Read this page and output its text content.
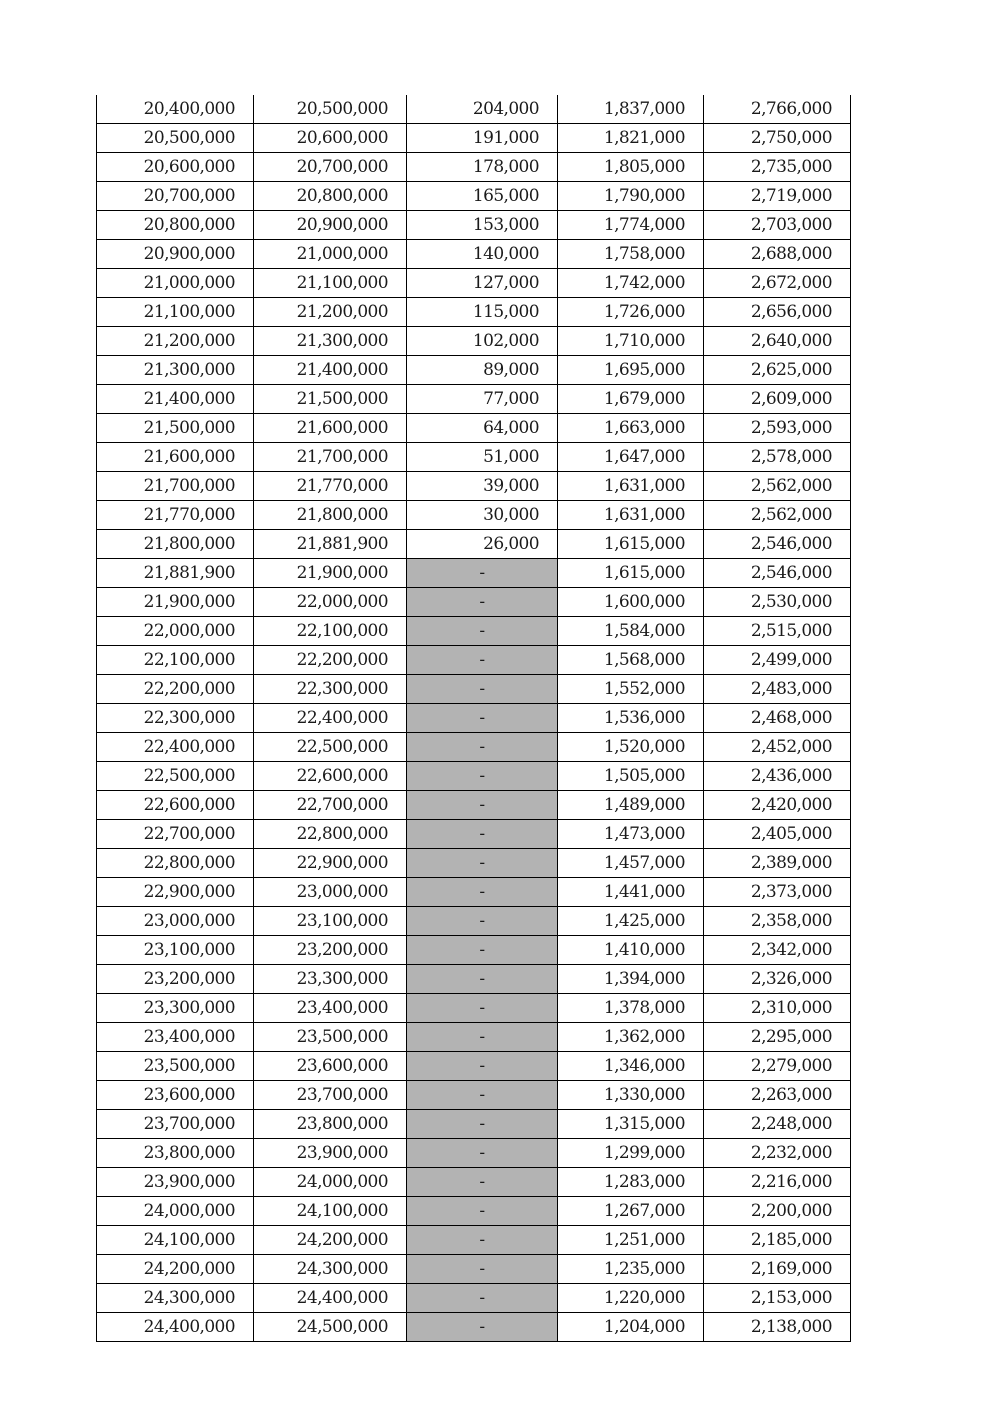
20,400,000	20,500,000	204,000	1,837,000	2,766,000
20,500,000	20,600,000	191,000	1,821,000	2,750,000
20,600,000	20,700,000	178,000	1,805,000	2,735,000
20,700,000	20,800,000	165,000	1,790,000	2,719,000
20,800,000	20,900,000	153,000	1,774,000	2,703,000
20,900,000	21,000,000	140,000	1,758,000	2,688,000
21,000,000	21,100,000	127,000	1,742,000	2,672,000
21,100,000	21,200,000	115,000	1,726,000	2,656,000
21,200,000	21,300,000	102,000	1,710,000	2,640,000
21,300,000	21,400,000	89,000	1,695,000	2,625,000
21,400,000	21,500,000	77,000	1,679,000	2,609,000
21,500,000	21,600,000	64,000	1,663,000	2,593,000
21,600,000	21,700,000	51,000	1,647,000	2,578,000
21,700,000	21,770,000	39,000	1,631,000	2,562,000
21,770,000	21,800,000	30,000	1,631,000	2,562,000
21,800,000	21,881,900	26,000	1,615,000	2,546,000
21,881,900	21,900,000	-	1,615,000	2,546,000
21,900,000	22,000,000	-	1,600,000	2,530,000
22,000,000	22,100,000	-	1,584,000	2,515,000
22,100,000	22,200,000	-	1,568,000	2,499,000
22,200,000	22,300,000	-	1,552,000	2,483,000
22,300,000	22,400,000	-	1,536,000	2,468,000
22,400,000	22,500,000	-	1,520,000	2,452,000
22,500,000	22,600,000	-	1,505,000	2,436,000
22,600,000	22,700,000	-	1,489,000	2,420,000
22,700,000	22,800,000	-	1,473,000	2,405,000
22,800,000	22,900,000	-	1,457,000	2,389,000
22,900,000	23,000,000	-	1,441,000	2,373,000
23,000,000	23,100,000	-	1,425,000	2,358,000
23,100,000	23,200,000	-	1,410,000	2,342,000
23,200,000	23,300,000	-	1,394,000	2,326,000
23,300,000	23,400,000	-	1,378,000	2,310,000
23,400,000	23,500,000	-	1,362,000	2,295,000
23,500,000	23,600,000	-	1,346,000	2,279,000
23,600,000	23,700,000	-	1,330,000	2,263,000
23,700,000	23,800,000	-	1,315,000	2,248,000
23,800,000	23,900,000	-	1,299,000	2,232,000
23,900,000	24,000,000	-	1,283,000	2,216,000
24,000,000	24,100,000	-	1,267,000	2,200,000
24,100,000	24,200,000	-	1,251,000	2,185,000
24,200,000	24,300,000	-	1,235,000	2,169,000
24,300,000	24,400,000	-	1,220,000	2,153,000
24,400,000	24,500,000	-	1,204,000	2,138,000
